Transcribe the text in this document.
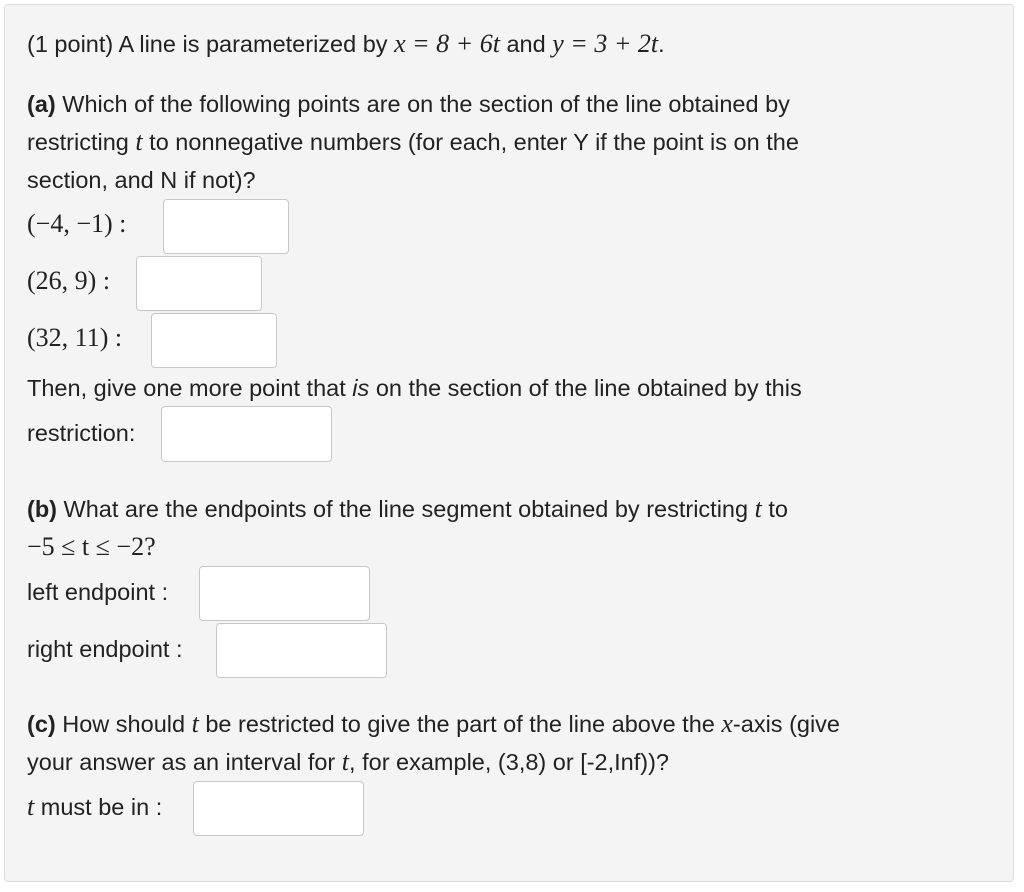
(1 point) A line is parameterized by x = 8 + 6t and y = 3 + 2t.
(a) Which of the following points are on the section of the line obtained by
restricting t to nonnegative numbers (for each, enter Y if the point is on the
section, and N if not)?
(−4, −1) :
(26, 9) :
(32, 11) :
Then, give one more point that is on the section of the line obtained by this
restriction:
(b) What are the endpoints of the line segment obtained by restricting t to
−5 ≤ t ≤ −2?
left endpoint :
right endpoint :
(c) How should t be restricted to give the part of the line above the x-axis (give
your answer as an interval for t, for example, (3,8) or [-2,Inf))?
t must be in :
